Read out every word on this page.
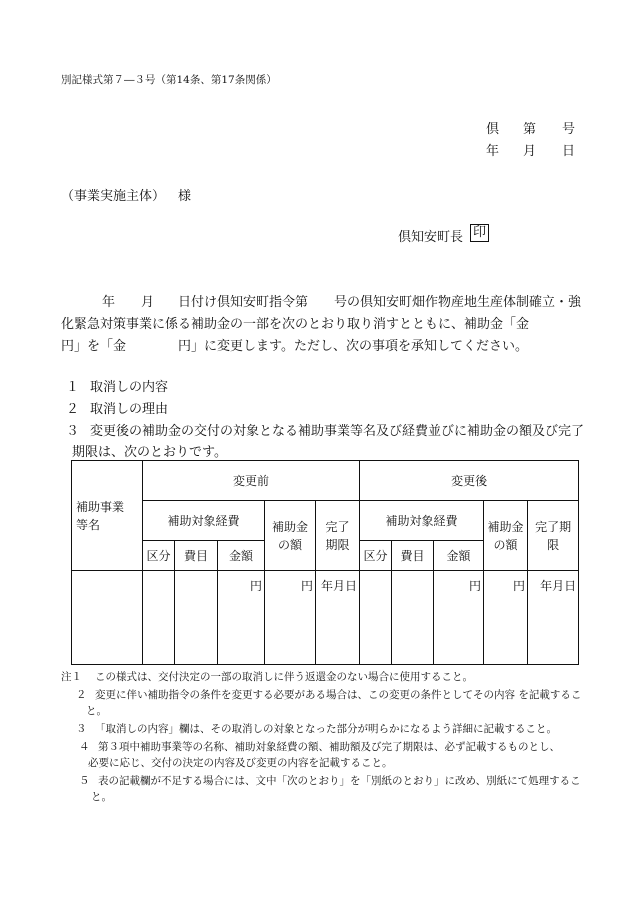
別記様式第７―３号（第14条、第17条関係）
倶 第 号
年 月 日
（事業実施主体） 様
倶知安町長 印
年 月 日付け倶知安町指令第　　号の倶知安町畑作物産地生産体制確立・強
化緊急対策事業に係る補助金の一部を次のとおり取り消すとともに、補助金「金
円」を「金　　　　円」に変更します。ただし、次の事項を承知してください。
１ 取消しの内容
２ 取消しの理由
３ 変更後の補助金の交付の対象となる補助事業等名及び経費並びに補助金の額及び完了
期限は、次のとおりです。
補助事業等名	変更前					変更後				
	補助対象経費			補助金の額	完了期限	補助対象経費			補助金の額	完了期限
	区分	費目	金額			区分	費目	金額		
			円	円	年月日			円	円	年月日
注１ この様式は、交付決定の一部の取消しに伴う返還金のない場合に使用すること。
２ 変更に伴い補助指令の条件を変更する必要がある場合は、この変更の条件としてその内容 を記載するこ
と。
３ 「取消しの内容」欄は、その取消しの対象となった部分が明らかになるよう詳細に記載すること。
４ 第３項中補助事業等の名称、補助対象経費の額、補助額及び完了期限は、必ず記載するものとし、
必要に応じ、交付の決定の内容及び変更の内容を記載すること。
５ 表の記載欄が不足する場合には、文中「次のとおり」を「別紙のとおり」に改め、別紙にて処理するこ
と。
